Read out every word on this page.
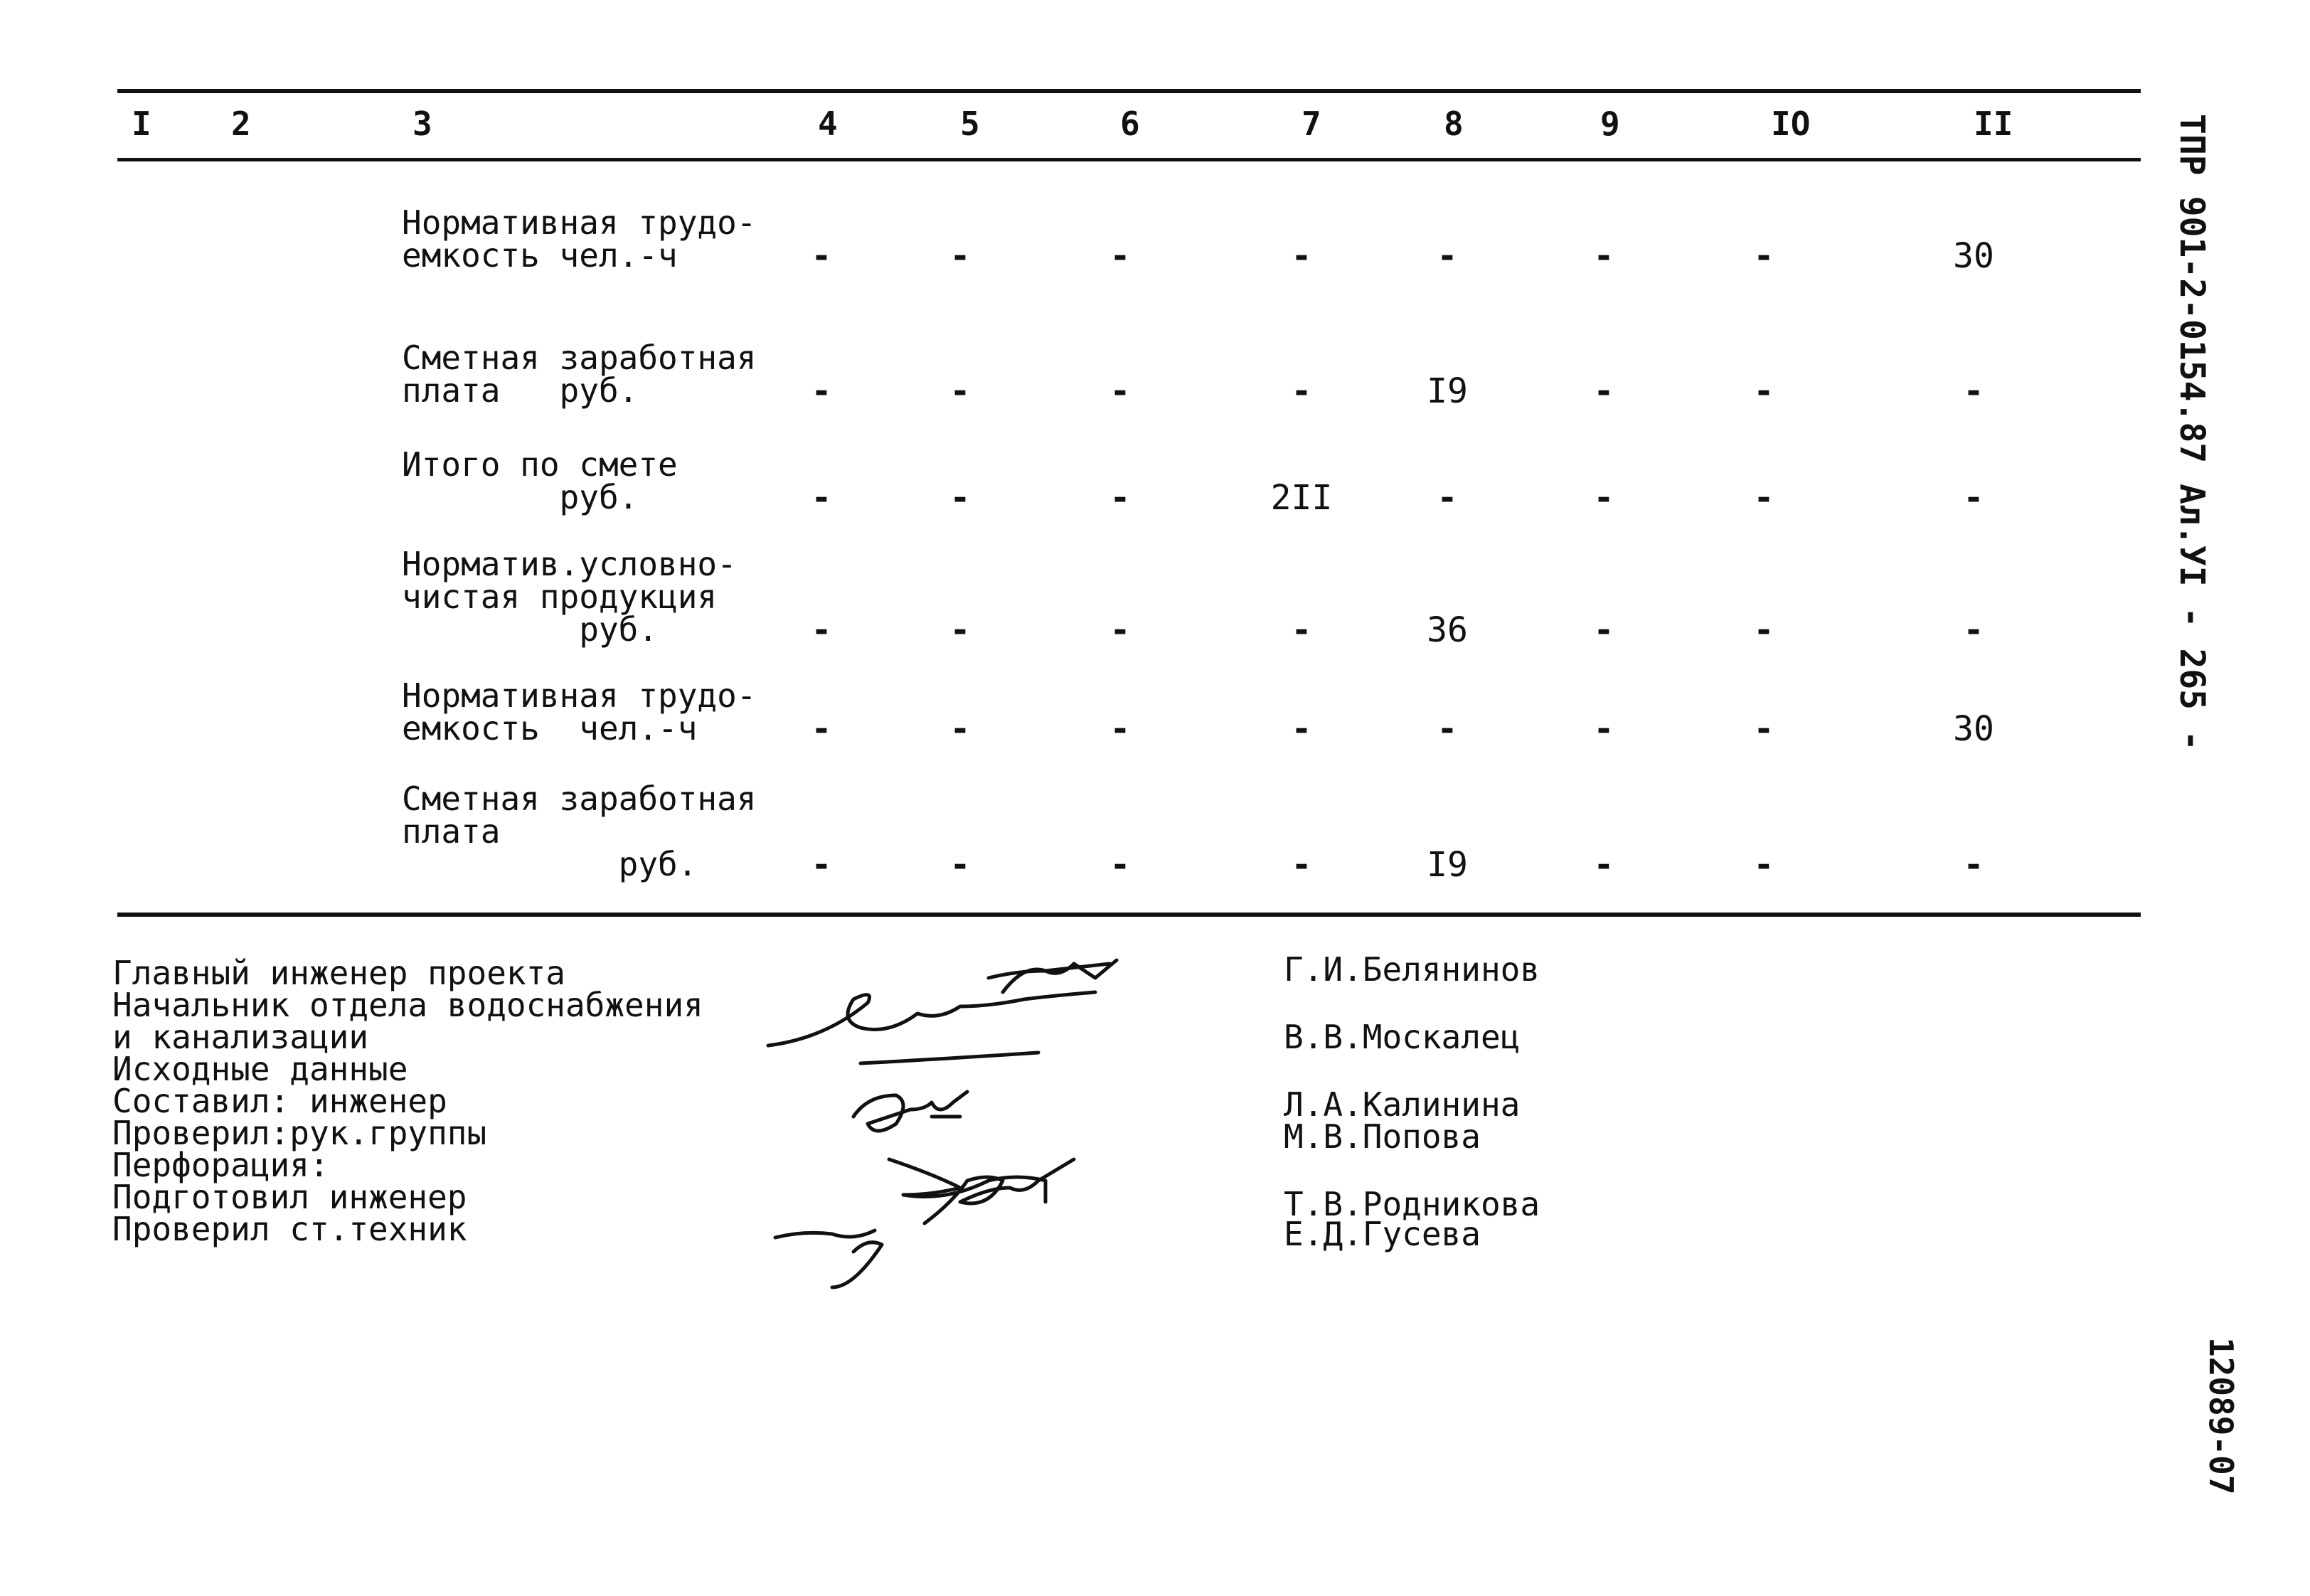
I 2	3	4	5	6	7	8	9	IO	II
Нормативная трудо-
емкость чел.-ч	-	-	-	-	-	-	-	30
Сметная заработная
плата   руб.	-	-	-	-	I9	-	-	-
Итого по смете
руб.	-	-	-	2II	-	-	-	-
Норматив.условно-
чистая продукция
руб.	-	-	-	-	36	-	-	-
Нормативная трудо-
емкость  чел.-ч	-	-	-	-	-	-	-	30
Сметная заработная
плата
руб.	-	-	-	-	I9	-	-	-
Главный инженер проекта
Начальник отдела водоснабжения
и канализации
Исходные данные
Составил: инженер
Проверил:рук.группы
Перфорация:
Подготовил инженер
Проверил ст.техник
Г.И.Белянинов
В.В.Москалец
Л.А.Калинина
М.В.Попова
Т.В.Родникова
Е.Д.Гусева
ТПР 901-2-0154.87 Ал.УI - 265 -
12089-07
